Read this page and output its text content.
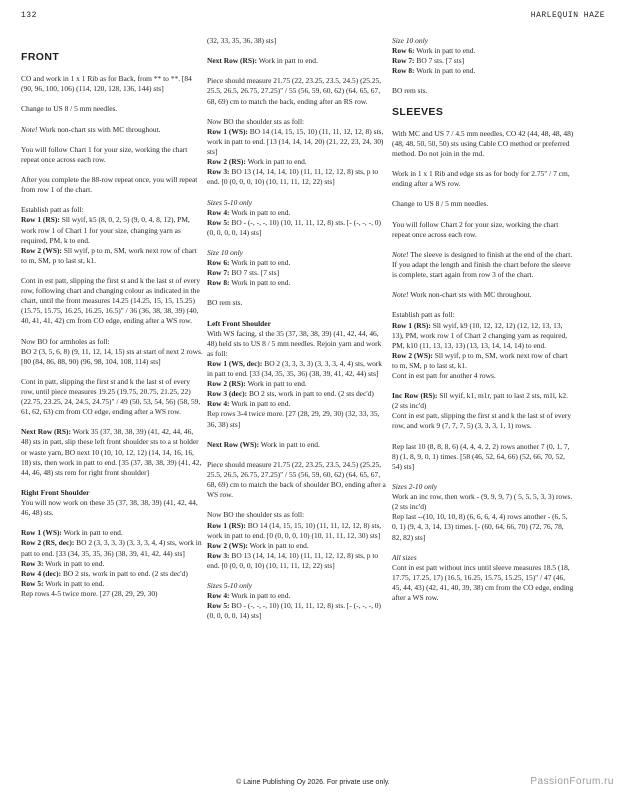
132	HARLEQUIN HAZE
FRONT

CO and work in 1 x 1 Rib as for Back, from ** to **. [84 (90, 96, 100, 106) (114, 120, 128, 136, 144) sts]

Change to US 8 / 5 mm needles.

Note! Work non-chart sts with MC throughout.

You will follow Chart 1 for your size, working the chart repeat once across each row.

After you complete the 88-row repeat once, you will repeat from row 1 of the chart.

Establish patt as foll:
Row 1 (RS): Sll wyif, k5 (8, 0, 2, 5) (9, 0, 4, 8, 12), PM, work row 1 of Chart 1 for your size, changing yarn as required, PM, k to end.
Row 2 (WS): Sll wyif, p to m, SM, work next row of chart to m, SM, p to last st, k1.

Cont in est patt, slipping the first st and k the last st of every row, following chart and changing colour as indicated in the chart, until the front measures 14.25 (14.25, 15, 15, 15.25) (15.75, 15.75, 16.25, 16.25, 16.5)" / 36 (36, 38, 38, 39) (40, 40, 41, 41, 42) cm from CO edge, ending after a WS row.

Now BO for armholes as foll:
BO 2 (3, 5, 6, 8) (9, 11, 12, 14, 15) sts at start of next 2 rows. [80 (84, 86, 88, 90) (96, 98, 104, 108, 114) sts]

Cont in patt, slipping the first st and k the last st of every row, until piece measures 19.25 (19.75, 20.75, 21.25, 22) (22.75, 23.25, 24, 24.5, 24.75)" / 49 (50, 53, 54, 56) (58, 59, 61, 62, 63) cm from CO edge, ending after a WS row.

Next Row (RS): Work 35 (37, 38, 38, 39) (41, 42, 44, 46, 48) sts in patt, slip these left front shoulder sts to a st holder or waste yarn, BO next 10 (10, 10, 12, 12) (14, 14, 16, 16, 18) sts, then work in patt to end. [35 (37, 38, 38, 39) (41, 42, 44, 46, 48) sts rem for right front shoulder]

Right Front Shoulder
You will now work on these 35 (37, 38, 38, 39) (41, 42, 44, 46, 48) sts.

Row 1 (WS): Work in patt to end.
Row 2 (RS, dec): BO 2 (3, 3, 3, 3) (3, 3, 3, 4, 4) sts, work in patt to end. [33 (34, 35, 35, 36) (38, 39, 41, 42, 44) sts]
Row 3: Work in patt to end.
Row 4 (dec): BO 2 sts, work in patt to end. (2 sts dec'd)
Row 5: Work in patt to end.
Rep rows 4-5 twice more. [27 (28, 29, 29, 30)

(32, 33, 35, 36, 38) sts]

Next Row (RS): Work in patt to end.

Piece should measure 21.75 (22, 23.25, 23.5, 24.5) (25.25, 25.5, 26.5, 26.75, 27.25)" / 55 (56, 59, 60, 62) (64, 65, 67, 68, 69) cm to match the back, ending after an RS row.

Now BO the shoulder sts as foll:
Row 1 (WS): BO 14 (14, 15, 15, 10) (11, 11, 12, 12, 8) sts, work in patt to end. [13 (14, 14, 14, 20) (21, 22, 23, 24, 30) sts]
Row 2 (RS): Work in patt to end.
Row 3: BO 13 (14, 14, 14, 10) (11, 11, 12, 12, 8) sts, p to end. [0 (0, 0, 0, 10) (10, 11, 11, 12, 22) sts]

Sizes 5-10 only
Row 4: Work in patt to end.
Row 5: BO - (-, -, -, 10) (10, 11, 11, 12, 8) sts. [- (-, -, -, 0) (0, 0, 0, 0, 14) sts]

Size 10 only
Row 6: Work in patt to end.
Row 7: BO 7 sts. [7 sts]
Row 8: Work in patt to end.

BO rem sts.

Left Front Shoulder
With WS facing, sl the 35 (37, 38, 38, 39) (41, 42, 44, 46, 48) held sts to US 8 / 5 mm needles. Rejoin yarn and work as foll:
Row 1 (WS, dec): BO 2 (3, 3, 3, 3) (3, 3, 3, 4, 4) sts, work in patt to end. [33 (34, 35, 35, 36) (38, 39, 41, 42, 44) sts]
Row 2 (RS): Work in patt to end.
Row 3 (dec): BO 2 sts, work in patt to end. (2 sts dec'd)
Row 4: Work in patt to end.
Rep rows 3-4 twice more. [27 (28, 29, 29, 30) (32, 33, 35, 36, 38) sts]

Next Row (WS): Work in patt to end.

Piece should measure 21.75 (22, 23.25, 23.5, 24.5) (25.25, 25.5, 26.5, 26.75, 27.25)" / 55 (56, 59, 60, 62) (64, 65, 67, 68, 69) cm to match the back of shoulder BO, ending after a WS row.

Now BO the shoulder sts as foll:
Row 1 (RS): BO 14 (14, 15, 15, 10) (11, 11, 12, 12, 8) sts, work in patt to end. [0 (0, 0, 0, 10) (10, 11, 11, 12, 30) sts]
Row 2 (WS): Work in patt to end.
Row 3: BO 13 (14, 14, 14, 10) (11, 11, 12, 12, 8) sts, p to end. [0 (0, 0, 0, 10) (10, 11, 11, 12, 22) sts]

Sizes 5-10 only
Row 4: Work in patt to end.
Row 5: BO - (-, -, -, 10) (10, 11, 11, 12, 8) sts. [- (-, -, -, 0) (0, 0, 0, 0, 14) sts]

Size 10 only
Row 6: Work in patt to end.
Row 7: BO 7 sts. [7 sts]
Row 8: Work in patt to end.

BO rem sts.

SLEEVES

With MC and US 7 / 4.5 mm needles, CO 42 (44, 48, 48, 48) (48, 48, 50, 50, 50) sts using Cable CO method or preferred method. Do not join in the rnd.

Work in 1 x 1 Rib and edge sts as for body for 2.75" / 7 cm, ending after a WS row.

Change to US 8 / 5 mm needles.

You will follow Chart 2 for your size, working the chart repeat once across each row.

Note! The sleeve is designed to finish at the end of the chart. If you adapt the length and finish the chart before the sleeve is complete, start again from row 3 of the chart.

Note! Work non-chart sts with MC throughout.

Establish patt as foll:
Row 1 (RS): Sll wyif, k9 (10, 12, 12, 12) (12, 12, 13, 13, 13), PM, work row 1 of Chart 2 changing yarn as required, PM, k10 (11, 13, 13, 13) (13, 13, 14, 14, 14) to end.
Row 2 (WS): Sll wyif, p to m, SM, work next row of chart to m, SM, p to last st, k1.
Cont in est patt for another 4 rows.

Inc Row (RS): Sll wyif, k1, m1r, patt to last 2 sts, m1l, k2. (2 sts inc'd)
Cont in est patt, slipping the first st and k the last st of every row, and work 9 (7, 7, 7, 5) (3, 3, 3, 1, 1) rows.

Rep last 10 (8, 8, 8, 6) (4, 4, 4, 2, 2) rows another 7 (0, 1, 7, 8) (1, 8, 9, 0, 1) times. [58 (46, 52, 64, 66) (52, 66, 70, 52, 54) sts]

Sizes 2-10 only
Work an inc row, then work - (9, 9, 9, 7) ( 5, 5, 5, 3, 3) rows. (2 sts inc'd)
Rep last --(10, 10, 10, 8) (6, 6, 6, 4, 4) rows another - (6, 5, 0, 1) (9, 4, 3, 14, 13) times. [- (60, 64, 66, 70) (72, 76, 78, 82, 82) sts]

All sizes
Cont in est patt without incs until sleeve measures 18.5 (18, 17.75, 17.25, 17) (16.5, 16.25, 15.75, 15.25, 15)" / 47 (46, 45, 44, 43) (42, 41, 40, 39, 38) cm from the CO edge, ending after a WS row.

© Laine Publishing Oy 2026. For private use only.	PassionForum.ru
